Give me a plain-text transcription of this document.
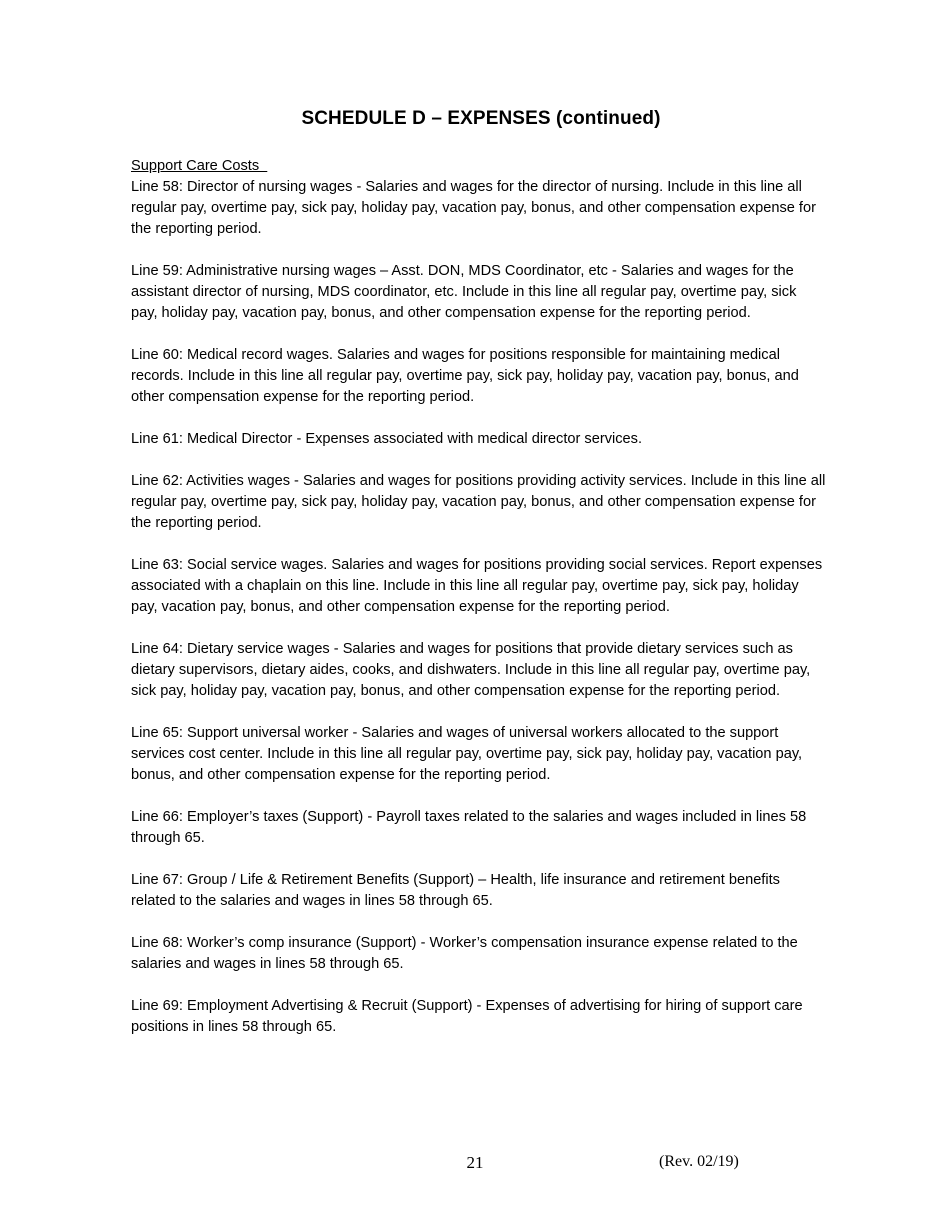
SCHEDULE D – EXPENSES (continued)
Support Care Costs

Line 58: Director of nursing wages - Salaries and wages for the director of nursing. Include in this line all regular pay, overtime pay, sick pay, holiday pay, vacation pay, bonus, and other compensation expense for the reporting period.

Line 59: Administrative nursing wages – Asst. DON, MDS Coordinator, etc - Salaries and wages for the assistant director of nursing, MDS coordinator, etc. Include in this line all regular pay, overtime pay, sick pay, holiday pay, vacation pay, bonus, and other compensation expense for the reporting period.

Line 60: Medical record wages. Salaries and wages for positions responsible for maintaining medical records. Include in this line all regular pay, overtime pay, sick pay, holiday pay, vacation pay, bonus, and other compensation expense for the reporting period.

Line 61: Medical Director - Expenses associated with medical director services.

Line 62: Activities wages - Salaries and wages for positions providing activity services. Include in this line all regular pay, overtime pay, sick pay, holiday pay, vacation pay, bonus, and other compensation expense for the reporting period.

Line 63: Social service wages. Salaries and wages for positions providing social services. Report expenses associated with a chaplain on this line. Include in this line all regular pay, overtime pay, sick pay, holiday pay, vacation pay, bonus, and other compensation expense for the reporting period.

Line 64: Dietary service wages - Salaries and wages for positions that provide dietary services such as dietary supervisors, dietary aides, cooks, and dishwaters. Include in this line all regular pay, overtime pay, sick pay, holiday pay, vacation pay, bonus, and other compensation expense for the reporting period.

Line 65: Support universal worker - Salaries and wages of universal workers allocated to the support services cost center. Include in this line all regular pay, overtime pay, sick pay, holiday pay, vacation pay, bonus, and other compensation expense for the reporting period.

Line 66: Employer’s taxes (Support) - Payroll taxes related to the salaries and wages included in lines 58 through 65.

Line 67: Group / Life & Retirement Benefits (Support) – Health, life insurance and retirement benefits related to the salaries and wages in lines 58 through 65.

Line 68: Worker’s comp insurance (Support) - Worker’s compensation insurance expense related to the salaries and wages in lines 58 through 65.

Line 69: Employment Advertising & Recruit (Support) - Expenses of advertising for hiring of support care positions in lines 58 through 65.

21	(Rev. 02/19)
